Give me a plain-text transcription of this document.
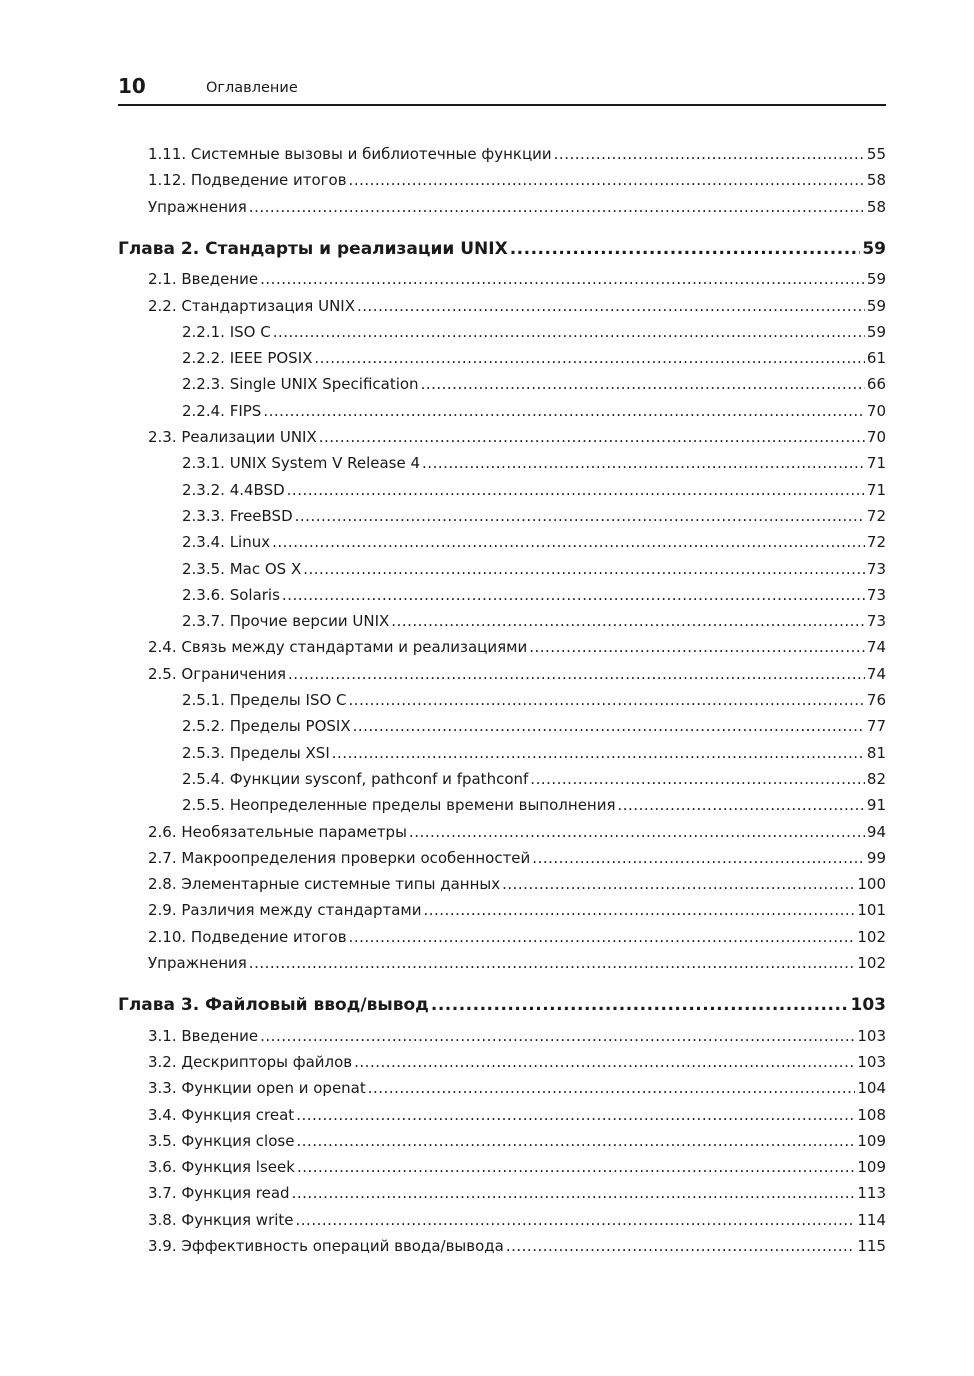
10	Оглавление
1.11. Системные вызовы и библиотечные функции .....	55
1.12. Подведение итогов .....	58
Упражнения .....	58
Глава 2. Стандарты и реализации UNIX .....	59
2.1. Введение .....	59
2.2. Стандартизация UNIX .....	59
2.2.1. ISO C .....	59
2.2.2. IEEE POSIX .....	61
2.2.3. Single UNIX Specification .....	66
2.2.4. FIPS .....	70
2.3. Реализации UNIX .....	70
2.3.1. UNIX System V Release 4 .....	71
2.3.2. 4.4BSD .....	71
2.3.3. FreeBSD .....	72
2.3.4. Linux .....	72
2.3.5. Mac OS X .....	73
2.3.6. Solaris .....	73
2.3.7. Прочие версии UNIX .....	73
2.4. Связь между стандартами и реализациями .....	74
2.5. Ограничения .....	74
2.5.1. Пределы ISO C .....	76
2.5.2. Пределы POSIX .....	77
2.5.3. Пределы XSI .....	81
2.5.4. Функции sysconf, pathconf и fpathconf .....	82
2.5.5. Неопределенные пределы времени выполнения .....	91
2.6. Необязательные параметры .....	94
2.7. Макроопределения проверки особенностей .....	99
2.8. Элементарные системные типы данных .....	100
2.9. Различия между стандартами .....	101
2.10. Подведение итогов .....	102
Упражнения .....	102
Глава 3. Файловый ввод/вывод .....	103
3.1. Введение .....	103
3.2. Дескрипторы файлов .....	103
3.3. Функции open и openat .....	104
3.4. Функция creat .....	108
3.5. Функция close .....	109
3.6. Функция lseek .....	109
3.7. Функция read .....	113
3.8. Функция write .....	114
3.9. Эффективность операций ввода/вывода .....	115
